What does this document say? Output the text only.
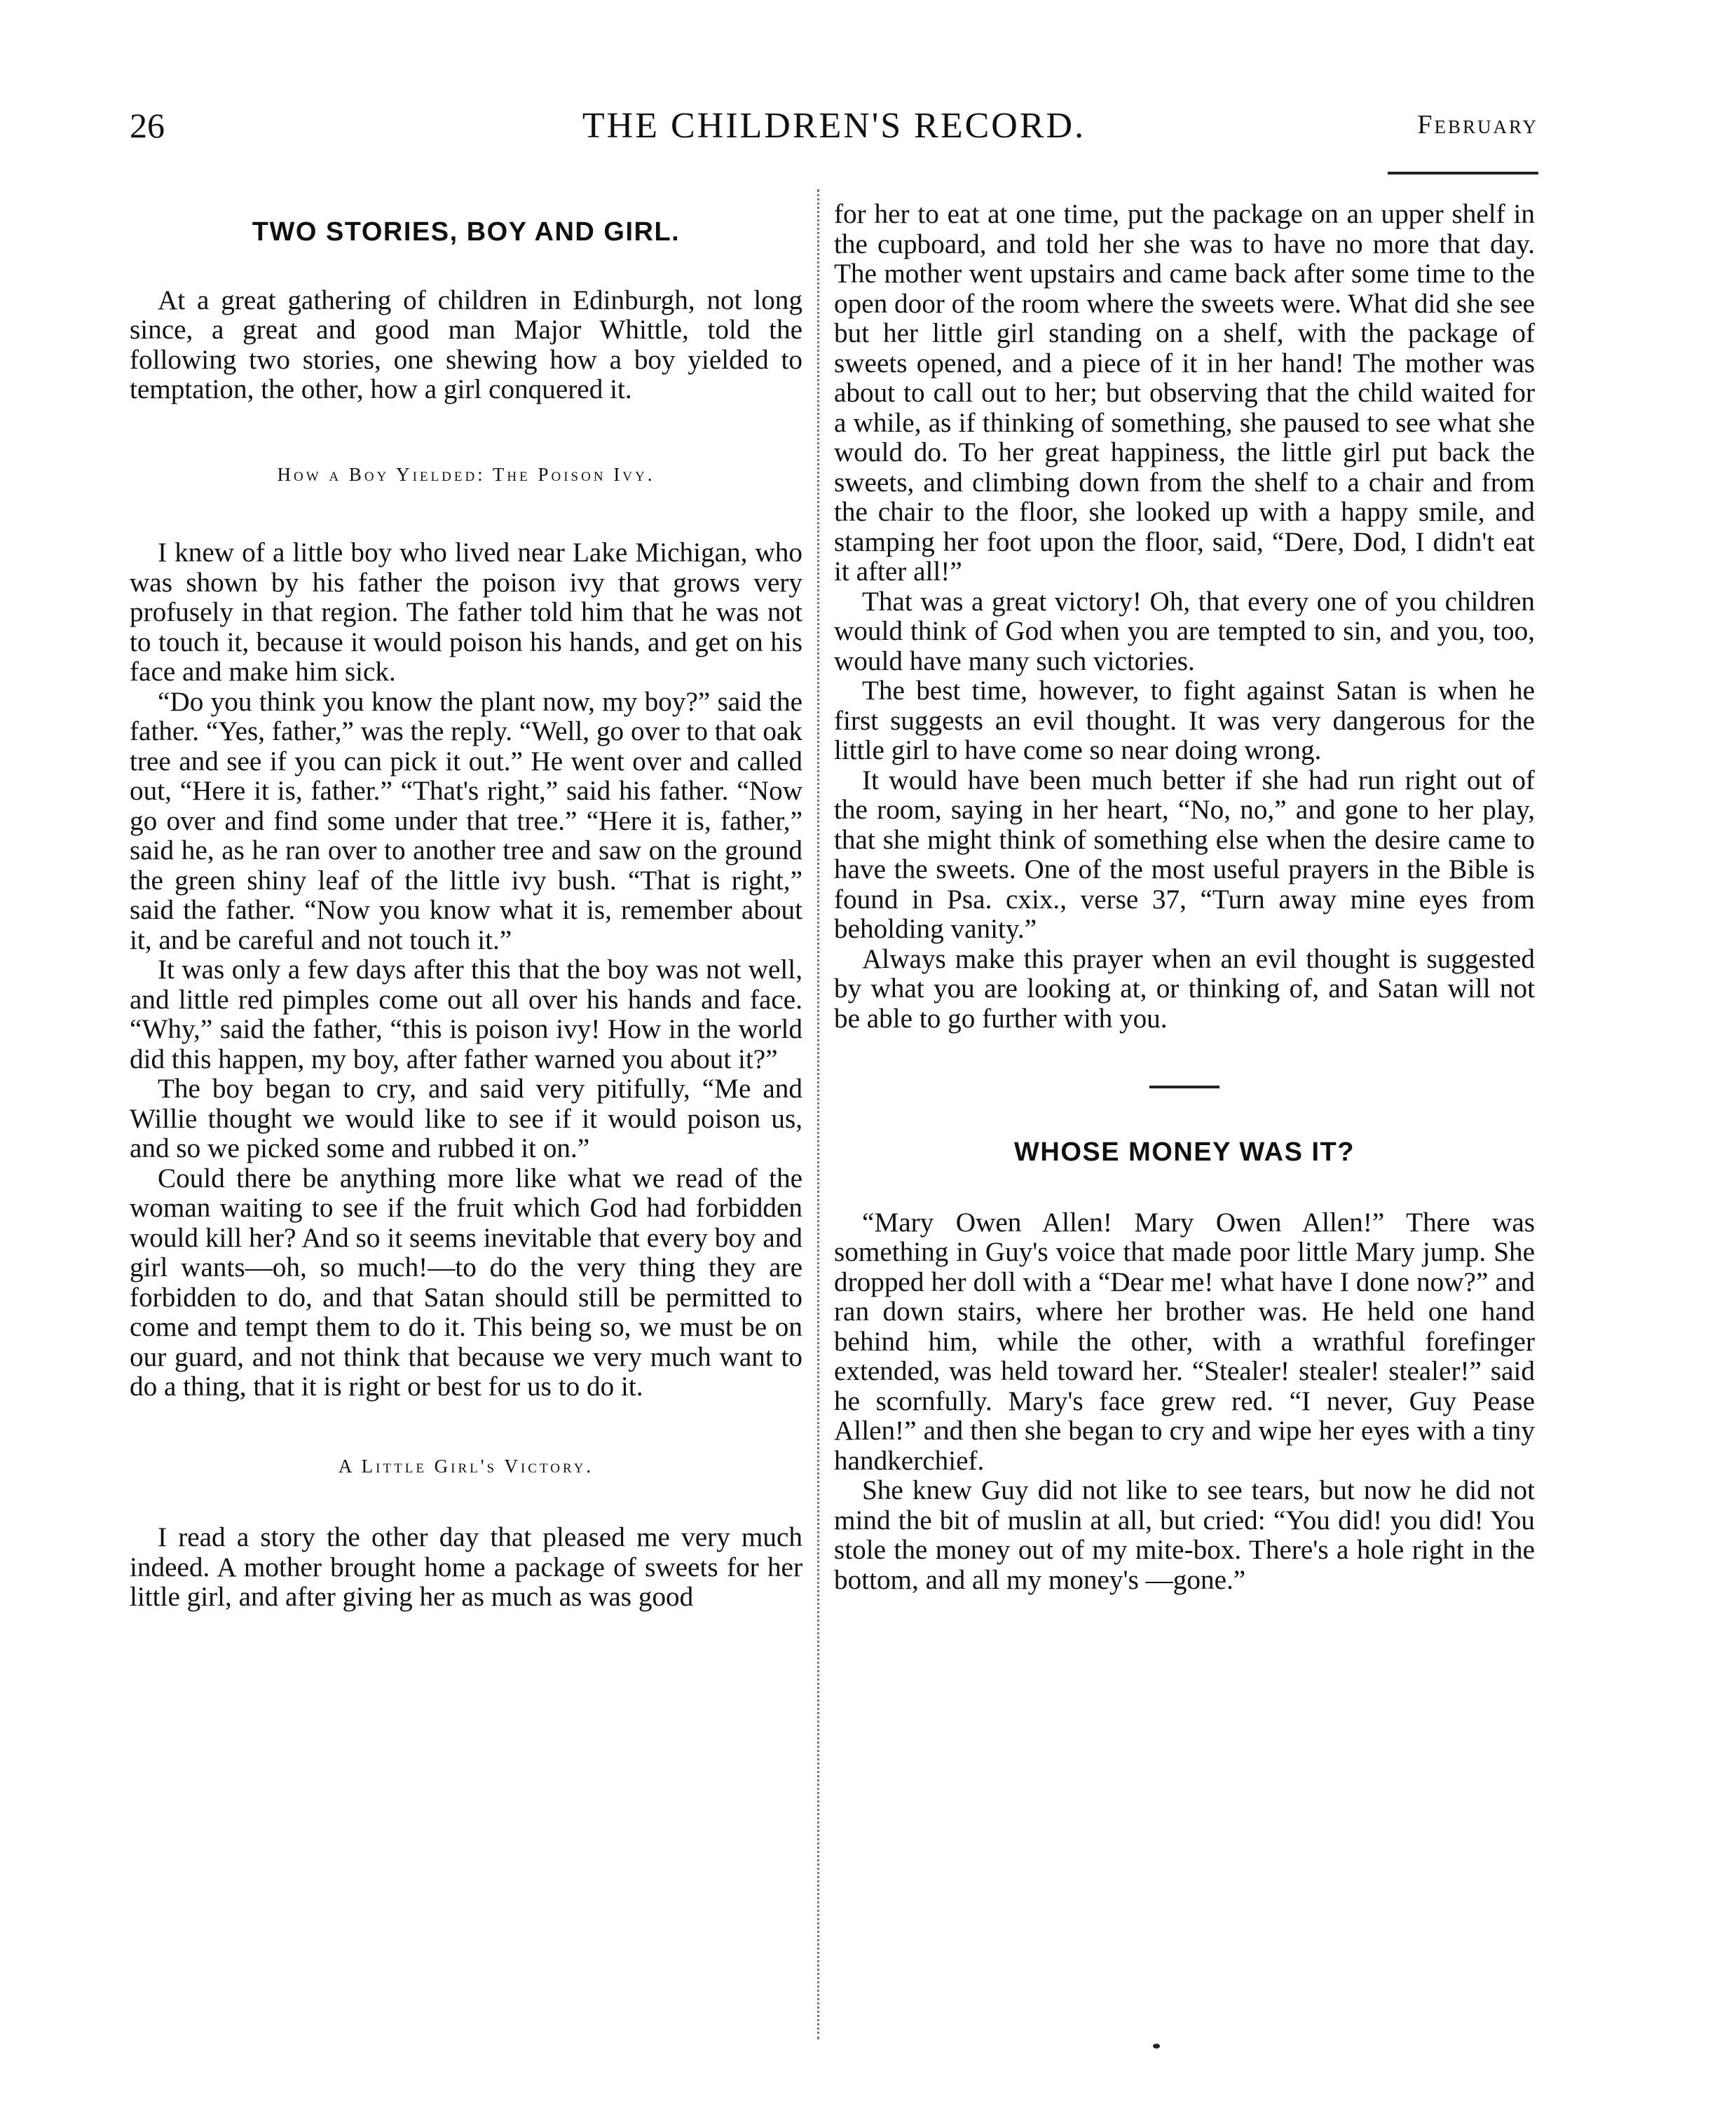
26	THE CHILDREN'S RECORD.	February
TWO STORIES, BOY AND GIRL.

At a great gathering of children in Edinburgh, not long since, a great and good man Major Whittle, told the following two stories, one shewing how a boy yielded to temptation, the other, how a girl conquered it.

How a Boy Yielded: The Poison Ivy.

I knew of a little boy who lived near Lake Michigan, who was shown by his father the poison ivy that grows very profusely in that region. The father told him that he was not to touch it, because it would poison his hands, and get on his face and make him sick.

“Do you think you know the plant now, my boy?” said the father. “Yes, father,” was the reply. “Well, go over to that oak tree and see if you can pick it out.” He went over and called out, “Here it is, father.” “That's right,” said his father. “Now go over and find some under that tree.” “Here it is, father,” said he, as he ran over to another tree and saw on the ground the green shiny leaf of the little ivy bush. “That is right,” said the father. “Now you know what it is, remember about it, and be careful and not touch it.”

It was only a few days after this that the boy was not well, and little red pimples come out all over his hands and face. “Why,” said the father, “this is poison ivy! How in the world did this happen, my boy, after father warned you about it?”

The boy began to cry, and said very pitifully, “Me and Willie thought we would like to see if it would poison us, and so we picked some and rubbed it on.”

Could there be anything more like what we read of the woman waiting to see if the fruit which God had forbidden would kill her? And so it seems inevitable that every boy and girl wants—oh, so much!—to do the very thing they are forbidden to do, and that Satan should still be permitted to come and tempt them to do it. This being so, we must be on our guard, and not think that because we very much want to do a thing, that it is right or best for us to do it.

A Little Girl's Victory.

I read a story the other day that pleased me very much indeed. A mother brought home a package of sweets for her little girl, and after giving her as much as was good

for her to eat at one time, put the package on an upper shelf in the cupboard, and told her she was to have no more that day. The mother went upstairs and came back after some time to the open door of the room where the sweets were. What did she see but her little girl standing on a shelf, with the package of sweets opened, and a piece of it in her hand! The mother was about to call out to her; but observing that the child waited for a while, as if thinking of something, she paused to see what she would do. To her great happiness, the little girl put back the sweets, and climbing down from the shelf to a chair and from the chair to the floor, she looked up with a happy smile, and stamping her foot upon the floor, said, “Dere, Dod, I didn't eat it after all!”

That was a great victory! Oh, that every one of you children would think of God when you are tempted to sin, and you, too, would have many such victories.

The best time, however, to fight against Satan is when he first suggests an evil thought. It was very dangerous for the little girl to have come so near doing wrong.

It would have been much better if she had run right out of the room, saying in her heart, “No, no,” and gone to her play, that she might think of something else when the desire came to have the sweets. One of the most useful prayers in the Bible is found in Psa. cxix., verse 37, “Turn away mine eyes from beholding vanity.”

Always make this prayer when an evil thought is suggested by what you are looking at, or thinking of, and Satan will not be able to go further with you.

WHOSE MONEY WAS IT?

“Mary Owen Allen! Mary Owen Allen!” There was something in Guy's voice that made poor little Mary jump. She dropped her doll with a “Dear me! what have I done now?” and ran down stairs, where her brother was. He held one hand behind him, while the other, with a wrathful forefinger extended, was held toward her. “Stealer! stealer! stealer!” said he scornfully. Mary's face grew red. “I never, Guy Pease Allen!” and then she began to cry and wipe her eyes with a tiny handkerchief.

She knew Guy did not like to see tears, but now he did not mind the bit of muslin at all, but cried: “You did! you did! You stole the money out of my mite-box. There's a hole right in the bottom, and all my money's —gone.”
